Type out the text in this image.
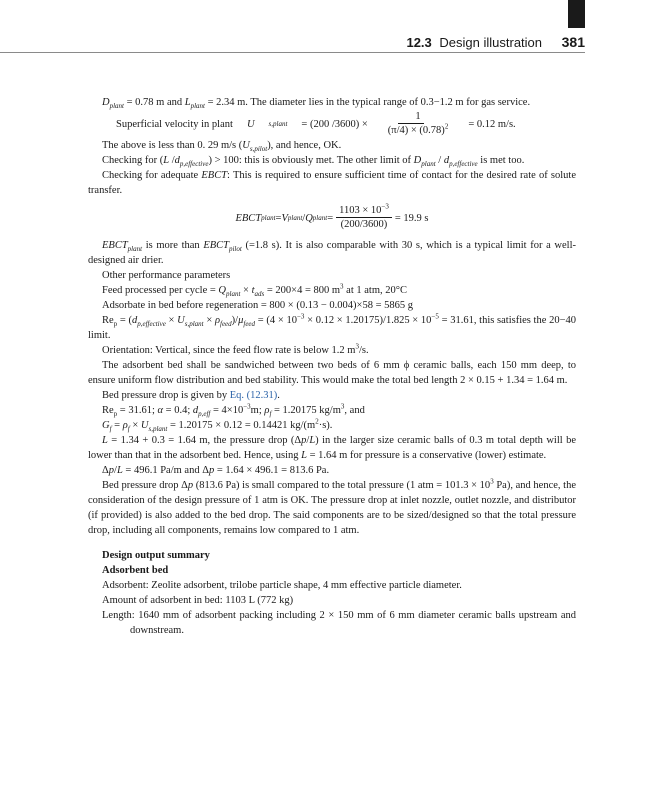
12.3 Design illustration 381

$D_{plant} = 0.78$ m and $L_{plant} = 2.34$ m. The diameter lies in the typical range of 0.3−1.2 m for gas service.

Superficial velocity in plant	U	s,plant	= (200 $/3600) \times \frac{1}{(\pi/4) \times (0.78)^2}$	= 0.12 m/s.

The above is less than 0. 29 m/s $(U_{s,pilot})$, and hence, OK.

Checking for (L $/d_{p,effective}) > 100$: this is obviously met. The other limit of $D_{plant} / d_{p,effective}$ is met too.

Checking for adequate EBCT: This is required to ensure sufficient time of contact for the desired rate of solute transfer.

EBCT plant = V plant / Q plant = $\frac{1103 \times 10^{-3}}{(200/3600)} = 19.9$ s

$EBCT_{plant}$ is more than $EBCT_{pilot}$ (=1.8 s). It is also comparable with 30 s, which is a typical limit for a well-designed air drier.

Other performance parameters

Feed processed per cycle = $Q_{plant} \times t_{ads} = 200\times 4 = 800$ $m^3$ at 1 atm, 20°C

Adsorbate in bed before regeneration = 800 × (0.13 − 0.004)×58 = 5865 g

$Re_p = (d_{p,effective} \times U_{s,plant} \times \rho_{feed})/\mu_{feed} = (4 \times 10^{-3} \times 0.12 \times 1.20175)/1.825 \times 10^{-5} = 31.61$, this satisfies the 20−40 limit.

Orientation: Vertical, since the feed flow rate is below 1.2 $m^3/s$.

The adsorbent bed shall be sandwiched between two beds of 6 mm ϕ ceramic balls, each 150 mm deep, to ensure uniform flow distribution and bed stability. This would make the total bed length 2 × 0.15 + 1.34 = 1.64 m.

Bed pressure drop is given by Eq. (12.31).

$Re_p = 31.61$; α = 0.4; $d_{p,eff} = 4\times 10^{-3}m$; $\rho_f = 1.20175$ $kg/m^3$, and

$G_f = \rho_f \times U_{s,plant} = 1.20175 \times 0.12 = 0.14421$ $kg/(m^2\cdot s)$.

L = 1.34 + 0.3 = 1.64 m, the pressure drop (Δp/L) in the larger size ceramic balls of 0.3 m total depth will be lower than that in the adsorbent bed. Hence, using L = 1.64 m for pressure is a conservative (lower) estimate.

Δp/L = 496.1 Pa/m and Δp = 1.64 × 496.1 = 813.6 Pa.

Bed pressure drop Δp (813.6 Pa) is small compared to the total pressure (1 atm = $101.3 \times 10^3$ Pa), and hence, the consideration of the design pressure of 1 atm is OK. The pressure drop at inlet nozzle, outlet nozzle, and distributor (if provided) is also added to the bed drop. The said components are to be sized/designed so that the total pressure drop, including all components, remains low compared to 1 atm.

Design output summary

Adsorbent bed

Adsorbent: Zeolite adsorbent, trilobe particle shape, 4 mm effective particle diameter.

Amount of adsorbent in bed: 1103 L (772 kg)

Length: 1640 mm of adsorbent packing including 2 × 150 mm of 6 mm diameter ceramic balls upstream and downstream.
